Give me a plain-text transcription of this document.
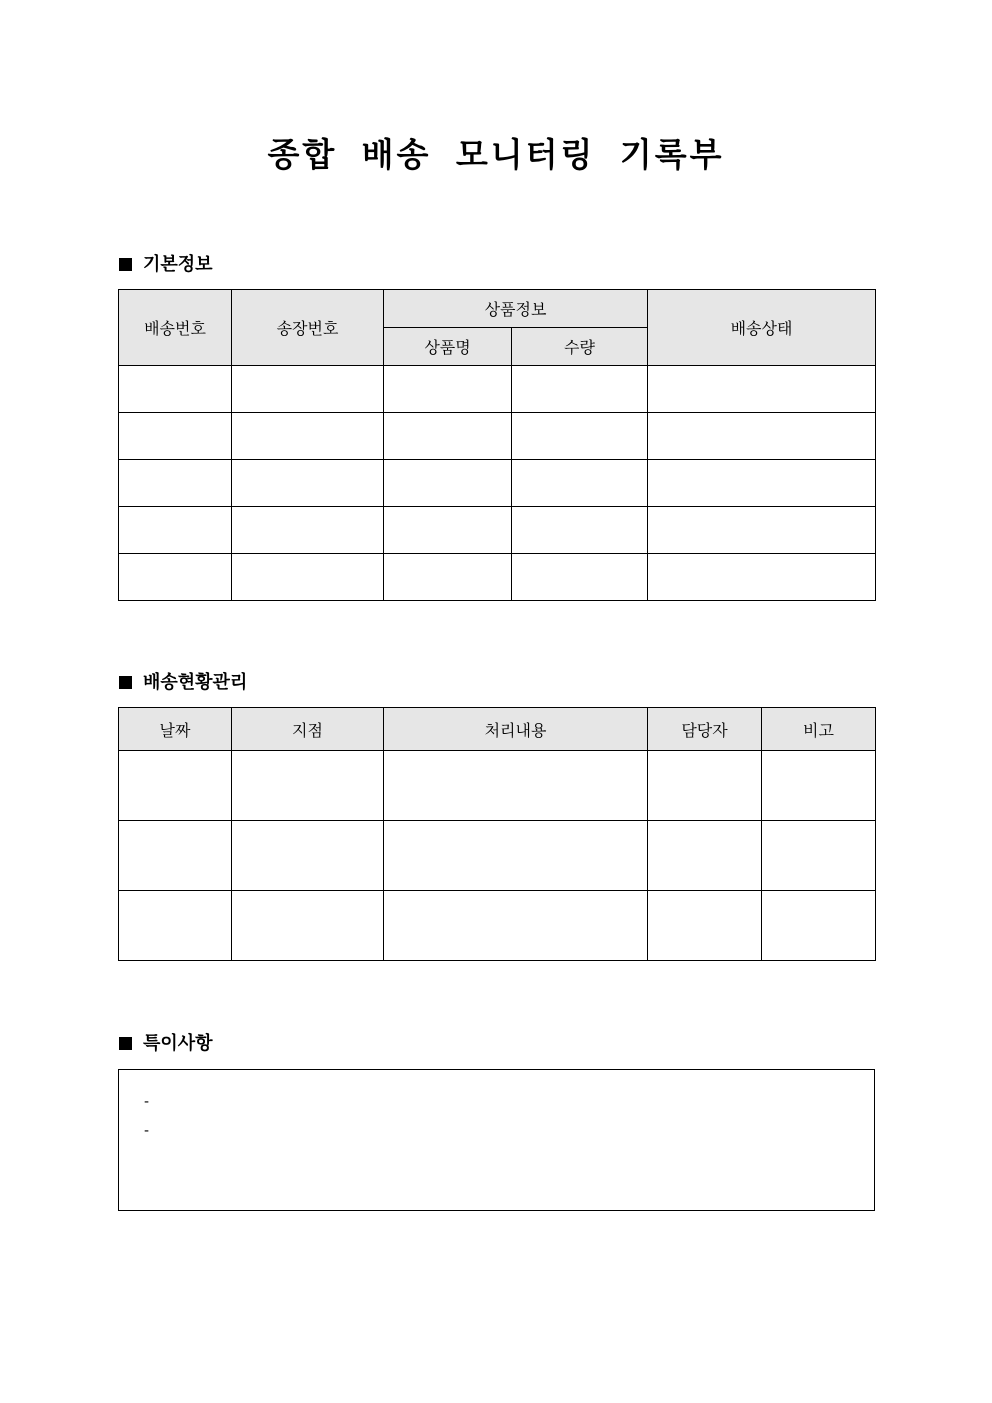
종합 배송 모니터링 기록부
기본정보
배송번호	송장번호	상품정보		배송상태
		상품명	수량	

배송현황관리
날짜	지점	처리내용	담당자	비고

특이사항
-
-
